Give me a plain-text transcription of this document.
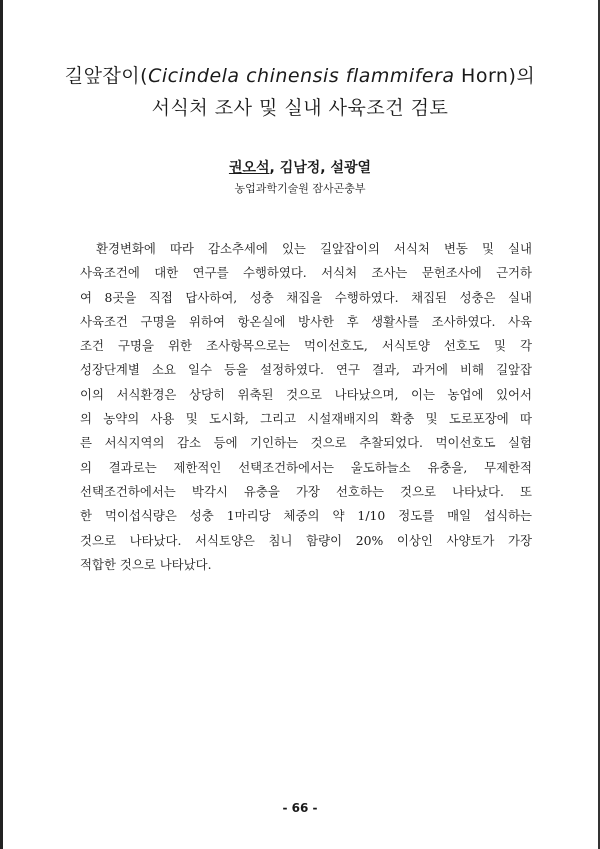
길앞잡이(Cicindela chinensis flammifera Horn)의
서식처 조사 및 실내 사육조건 검토
권오석, 김남정, 설광열
농업과학기술원 잠사곤충부
환경변화에 따라 감소추세에 있는 길앞잡이의 서식처 변동 및 실내
사육조건에 대한 연구를 수행하였다. 서식처 조사는 문헌조사에 근거하
여 8곳을 직접 답사하여, 성충 채집을 수행하였다. 채집된 성충은 실내
사육조건 구명을 위하여 항온실에 방사한 후 생활사를 조사하였다. 사육
조건 구명을 위한 조사항목으로는 먹이선호도, 서식토양 선호도 및 각
성장단계별 소요 일수 등을 설정하였다. 연구 결과, 과거에 비해 길앞잡
이의 서식환경은 상당히 위축된 것으로 나타났으며, 이는 농업에 있어서
의 농약의 사용 및 도시화, 그리고 시설재배지의 확충 및 도로포장에 따
른 서식지역의 감소 등에 기인하는 것으로 추찰되었다. 먹이선호도 실험
의 결과로는 제한적인 선택조건하에서는 울도하늘소 유충을, 무제한적
선택조건하에서는 박각시 유충을 가장 선호하는 것으로 나타났다. 또
한 먹이섭식량은 성충 1마리당 체중의 약 1/10 정도를 매일 섭식하는
것으로 나타났다. 서식토양은 침니 함량이 20% 이상인 사양토가 가장
적합한 것으로 나타났다.
- 66 -
